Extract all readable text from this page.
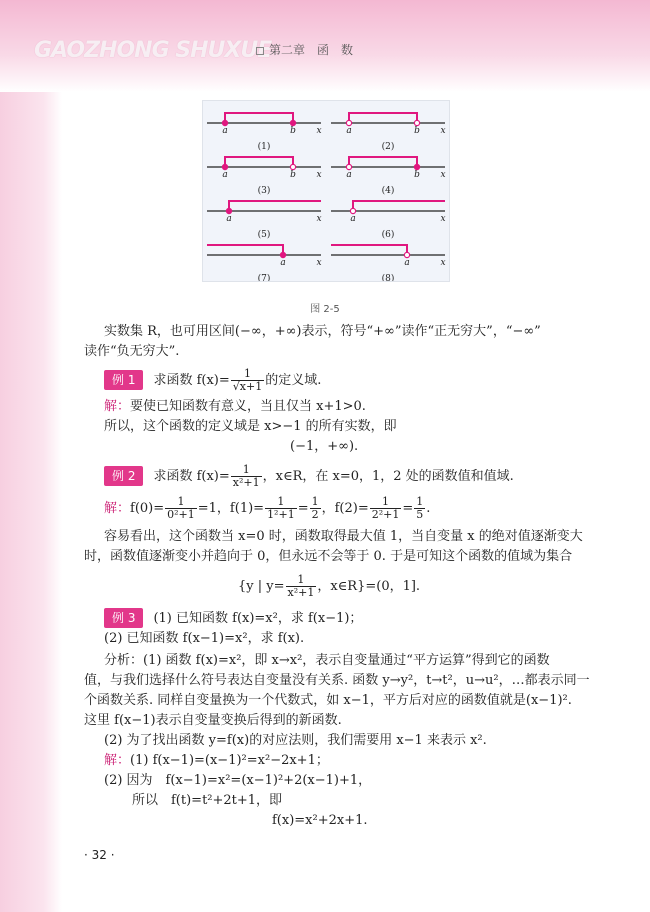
GAOZHONG SHUXUE
第二章　函　数
a	b x
(1)
a	b x
(2)
a	b x
(3)
a	b x
(4)
a	x
(5)
a	x
(6)
a	x
(7)
a	x
(8)
图 2-5
实数集 R，也可用区间(−∞，+∞)表示，符号“+∞”读作“正无穷大”，“−∞”
读作“负无穷大”.
例 1 求函数 $f(x)= \frac{1}{√x+1}$ 的定义域.
解：要使已知函数有意义，当且仅当 x+1>0.
所以，这个函数的定义域是 x>−1 的所有实数，即
(−1，+∞).
例 2 求函数 $f(x)= \frac{1}{\text{x²+1}}$ ，x∈R，在 x=0，1，2 处的函数值和值域.
解：$f(0)= \frac{1}{\text{0²+1}} =1$，$f(1)= \frac{1}{\text{1²+1}} = \frac{1}{2}$ ，$f(2)= \frac{1}{\text{2²+1}} = \frac{1}{5}$ .
容易看出，这个函数当 x=0 时，函数取得最大值 1，当自变量 x 的绝对值逐渐变大
时，函数值逐渐变小并趋向于 0，但永远不会等于 0. 于是可知这个函数的值域为集合
{y | $y= \frac{1}{\text{x²+1}}$ ，x∈R}=(0，1].
例 3 (1) 已知函数 f(x)=x²，求 f(x−1)；
(2) 已知函数 f(x−1)=x²，求 f(x).
分析：(1) 函数 f(x)=x²，即 x→x²，表示自变量通过“平方运算”得到它的函数
值，与我们选择什么符号表达自变量没有关系. 函数 y→y²，t→t²，u→u²，…都表示同一
个函数关系. 同样自变量换为一个代数式，如 x−1，平方后对应的函数值就是(x−1)².
这里 f(x−1)表示自变量变换后得到的新函数.
(2) 为了找出函数 y=f(x)的对应法则，我们需要用 x−1 来表示 x².
解：(1) f(x−1)=(x−1)²=x²−2x+1；
(2) 因为　f(x−1)=x²=(x−1)²+2(x−1)+1，
所以　f(t)=t²+2t+1，即
f(x)=x²+2x+1.
· 32 ·
